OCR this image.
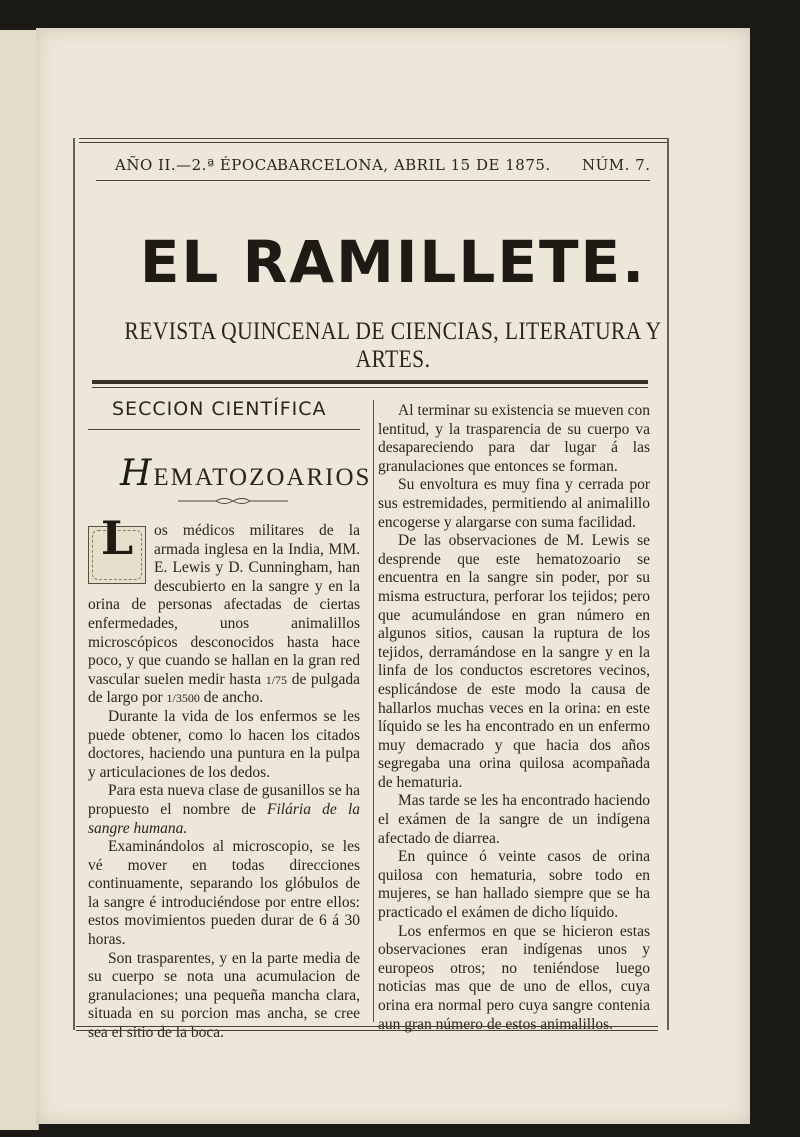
AÑO II.—2.ª ÉPOCA.
BARCELONA, ABRIL 15 DE 1875. NÚM. 7.
EL RAMILLETE.
REVISTA QUINCENAL DE CIENCIAS, LITERATURA Y ARTES.
SECCION CIENTÍFICA
HEMATOZOARIOS

L	os médicos militares de la armada inglesa en la India, MM. E. Lewis y D. Cunningham, han descubierto en la sangre y en la orina de personas afectadas de ciertas enfermedades, unos animalillos microscópicos desconocidos hasta hace poco, y que cuando se hallan en la gran red vascular suelen medir hasta 1/75 de pulgada de largo por 1/3500 de ancho.

Durante la vida de los enfermos se les puede obtener, como lo hacen los citados doctores, haciendo una puntura en la pulpa y articulaciones de los dedos.

Para esta nueva clase de gusanillos se ha propuesto el nombre de Filária de la sangre humana.

Examinándolos al microscopio, se les vé mover en todas direcciones continuamente, separando los glóbulos de la sangre é introduciéndose por entre ellos: estos movimientos pueden durar de 6 á 30 horas.

Son trasparentes, y en la parte media de su cuerpo se nota una acumulacion de granulaciones; una pequeña mancha clara, situada en su porcion mas ancha, se cree sea el sitio de la boca.

Al terminar su existencia se mueven con lentitud, y la trasparencia de su cuerpo va desapareciendo para dar lugar á las granulaciones que entonces se forman.

Su envoltura es muy fina y cerrada por sus estremidades, permitiendo al animalillo encogerse y alargarse con suma facilidad.

De las observaciones de M. Lewis se desprende que este hematozoario se encuentra en la sangre sin poder, por su misma estructura, perforar los tejidos; pero que acumulándose en gran número en algunos sitios, causan la ruptura de los tejidos, derramándose en la sangre y en la linfa de los conductos escretores vecinos, esplicándose de este modo la causa de hallarlos muchas veces en la orina: en este líquido se les ha encontrado en un enfermo muy demacrado y que hacia dos años segregaba una orina quilosa acompañada de hematuria.

Mas tarde se les ha encontrado haciendo el exámen de la sangre de un indígena afectado de diarrea.

En quince ó veinte casos de orina quilosa con hematuria, sobre todo en mujeres, se han hallado siempre que se ha practicado el exámen de dicho líquido.

Los enfermos en que se hicieron estas observaciones eran indígenas unos y europeos otros; no teniéndose luego noticias mas que de uno de ellos, cuya orina era normal pero cuya sangre contenia aun gran número de estos animalillos.
